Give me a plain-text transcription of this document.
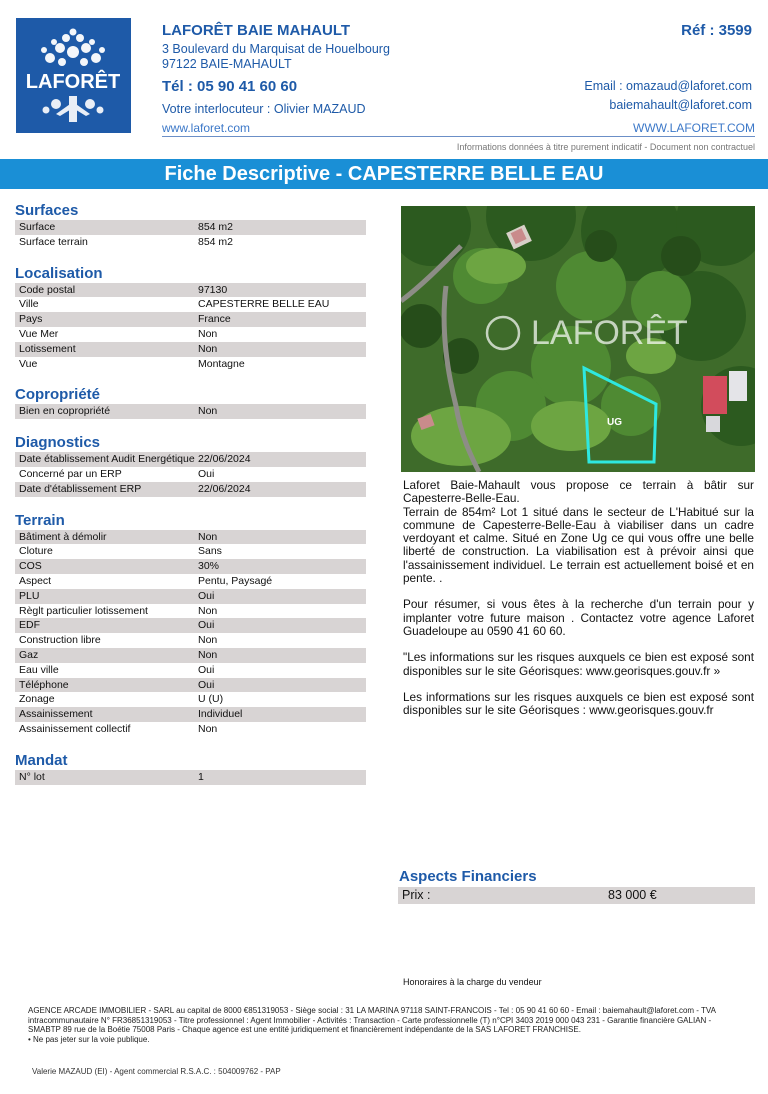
LAFORÊT
LAFORÊT BAIE MAHAULT	Réf : 3599
3 Boulevard du Marquisat de Houelbourg
97122 BAIE-MAHAULT
Tél : 05 90 41 60 60
Votre interlocuteur : Olivier MAZAUD
Email : omazaud@laforet.com
baiemahault@laforet.com
www.laforet.com	WWW.LAFORET.COM
Informations données à titre purement indicatif - Document non contractuel
Fiche Descriptive - CAPESTERRE BELLE EAU
Surfaces
Surface	854 m2
Surface terrain	854 m2
Localisation
Code postal	97130
Ville	CAPESTERRE BELLE EAU
Pays	France
Vue Mer	Non
Lotissement	Non
Vue	Montagne
Copropriété
Bien en copropriété	Non
Diagnostics
Date établissement Audit Energétique 22/06/2024
Concerné par un ERP	Oui
Date d'établissement ERP	22/06/2024
Terrain
Bâtiment à démolir	Non
Cloture	Sans
COS	30%
Aspect	Pentu, Paysagé
PLU	Oui
Règlt particulier lotissement	Non
EDF	Oui
Construction libre	Non
Gaz	Non
Eau ville	Oui
Téléphone	Oui
Zonage	U (U)
Assainissement	Individuel
Assainissement collectif	Non
Mandat
N° lot	1
UG
LAFORÊT

Laforet Baie-Mahault vous propose ce terrain à bâtir sur Capesterre-Belle-Eau.

Terrain de 854m² Lot 1 situé dans le secteur de L'Habitué sur la commune de Capesterre-Belle-Eau à viabiliser dans un cadre verdoyant et calme. Situé en Zone Ug ce qui vous offre une belle liberté de construction. La viabilisation est à prévoir ainsi que l'assainissement individuel. Le terrain est actuellement boisé et en pente. .

Pour résumer, si vous êtes à la recherche d'un terrain pour y implanter votre future maison . Contactez votre agence Laforet Guadeloupe au 0590 41 60 60.

"Les informations sur les risques auxquels ce bien est exposé sont disponibles sur le site Géorisques: www.georisques.gouv.fr »

Les informations sur les risques auxquels ce bien est exposé sont disponibles sur le site Géorisques : www.georisques.gouv.fr

Aspects Financiers
Prix :	83 000 €
Honoraires à la charge du vendeur
AGENCE ARCADE IMMOBILIER - SARL au capital de 8000 €851319053 - Siège social : 31 LA MARINA 97118 SAINT-FRANCOIS - Tel : 05 90 41 60 60 - Email : baiemahault@laforet.com - TVA intracommunautaire N° FR36851319053 - Titre professionnel : Agent Immobilier - Activités : Transaction - Carte professionnelle (T) n°CPI 3403 2019 000 043 231 - Garantie financière GALIAN - SMABTP 89 rue de la Boétie 75008 Paris - Chaque agence est une entité juridiquement et financièrement indépendante de la SAS LAFORET FRANCHISE.
• Ne pas jeter sur la voie publique.
Valerie MAZAUD (EI) - Agent commercial R.S.A.C. : 504009762 - PAP
